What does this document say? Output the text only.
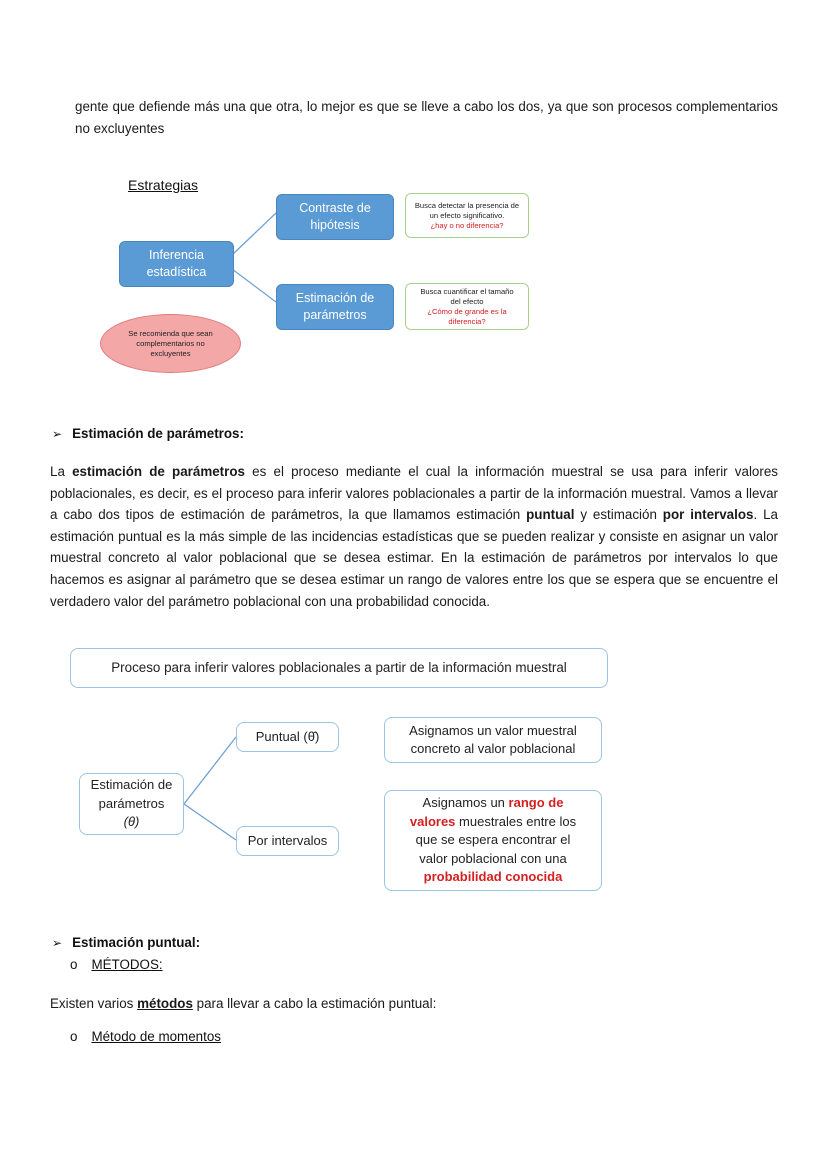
gente que defiende más una que otra, lo mejor es que se lleve a cabo los dos, ya que son procesos complementarios no excluyentes
Estrategias
Inferencia estadística
Contraste de hipótesis
Estimación de parámetros
Busca detectar la presencia de un efecto significativo.
¿hay o no diferencia?
Busca cuantificar el tamaño del efecto
¿Cómo de grande es la diferencia?
Se recomienda que sean complementarios no excluyentes
➢ Estimación de parámetros:
La estimación de parámetros es el proceso mediante el cual la información muestral se usa para inferir valores poblacionales, es decir, es el proceso para inferir valores poblacionales a partir de la información muestral. Vamos a llevar a cabo dos tipos de estimación de parámetros, la que llamamos estimación puntual y estimación por intervalos. La estimación puntual es la más simple de las incidencias estadísticas que se pueden realizar y consiste en asignar un valor muestral concreto al valor poblacional que se desea estimar. En la estimación de parámetros por intervalos lo que hacemos es asignar al parámetro que se desea estimar un rango de valores entre los que se espera que se encuentre el verdadero valor del parámetro poblacional con una probabilidad conocida.
Proceso para inferir valores poblacionales a partir de la información muestral
Estimación de
parámetros
(θ)
Puntual (θ̂)
Por intervalos
Asignamos un valor muestral concreto al valor poblacional
Asignamos un rango de valores muestrales entre los que se espera encontrar el valor poblacional con una probabilidad conocida
➢ Estimación puntual:
o MÉTODOS:
Existen varios métodos para llevar a cabo la estimación puntual:
o Método de momentos
